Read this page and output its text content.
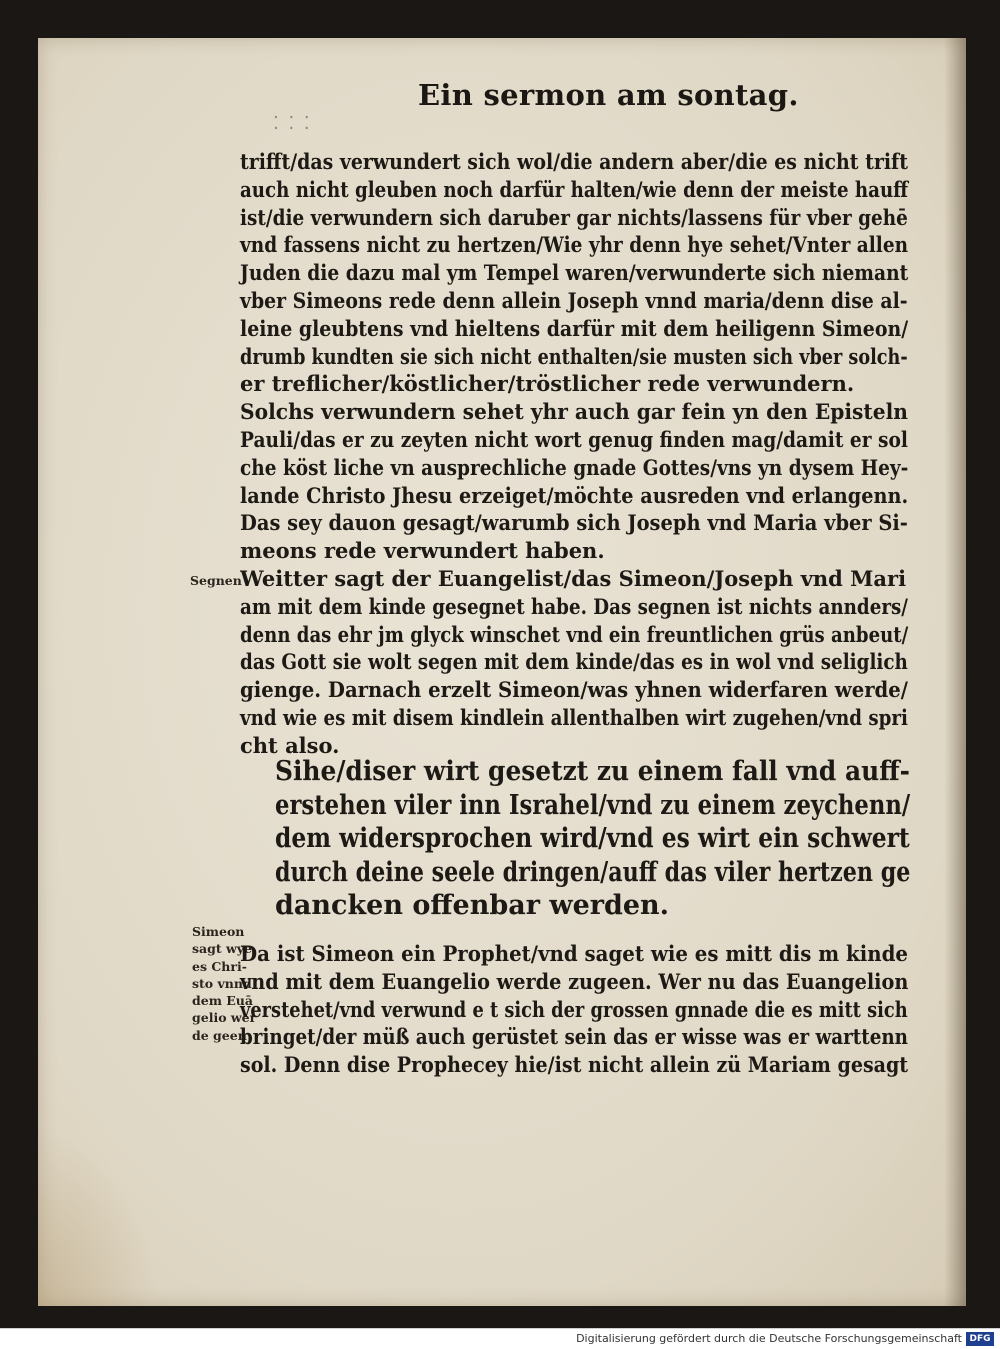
⁚ ⁚ ⁚
Ein sermon am sontag.
trifft/das verwundert sich wol/die andern aber/die es nicht trift
auch nicht gleuben noch darfür halten/wie denn der meiste hauff
ist/die verwundern sich daruber gar nichts/lassens für vber gehē
vnd fassens nicht zu hertzen/Wie yhr denn hye sehet/Vnter allen
Juden die dazu mal ym Tempel waren/verwunderte sich niemant
vber Simeons rede denn allein Joseph vnnd maria/denn dise al-
leine gleubtens vnd hieltens darfür mit dem heiligenn Simeon/
drumb kundten sie sich nicht enthalten/sie musten sich vber solch-
er treflicher/köstlicher/tröstlicher rede verwundern.
Solchs verwundern sehet yhr auch gar fein yn den Episteln
Pauli/das er zu zeyten nicht wort genug finden mag/damit er sol
che köst liche vn ausprechliche gnade Gottes/vns yn dysem Hey-
lande Christo Jhesu erzeiget/möchte ausreden vnd erlangenn.
Das sey dauon gesagt/warumb sich Joseph vnd Maria vber Si-
meons rede verwundert haben.
Weitter sagt der Euangelist/das Simeon/Joseph vnd Mari
am mit dem kinde gesegnet habe. Das segnen ist nichts annders/
denn das ehr jm glyck winschet vnd ein freuntlichen grüs anbeut/
das Gott sie wolt segen mit dem kinde/das es in wol vnd seliglich
gienge. Darnach erzelt Simeon/was yhnen widerfaren werde/
vnd wie es mit disem kindlein allenthalben wirt zugehen/vnd spri
cht also.
Segnen
Sihe/diser wirt gesetzt zu einem fall vnd auff-
erstehen viler inn Israhel/vnd zu einem zeychenn/
dem widersprochen wird/vnd es wirt ein schwert
durch deine seele dringen/auff das viler hertzen ge
dancken offenbar werden.
Simeon
sagt wye
es Chri-
sto vnnd
dem Euā
gelio wer
de geen
Da ist Simeon ein Prophet/vnd saget wie es mitt dis m kinde
vnd mit dem Euangelio werde zugeen. Wer nu das Euangelion
verstehet/vnd verwund e t sich der grossen gnnade die es mitt sich
bringet/der müß auch gerüstet sein das er wisse was er warttenn
sol. Denn dise Prophecey hie/ist nicht allein zü Mariam gesagt
Digitalisierung gefördert durch die Deutsche Forschungsgemeinschaft DFG
